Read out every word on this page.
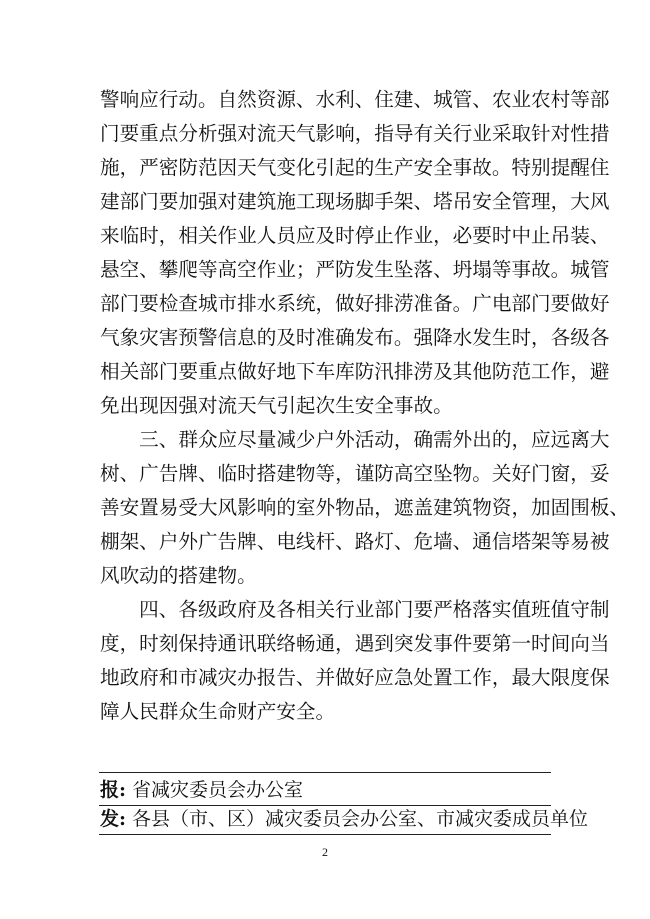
警响应行动。自然资源、水利、住建、城管、农业农村等部
门要重点分析强对流天气影响，指导有关行业采取针对性措
施，严密防范因天气变化引起的生产安全事故。特别提醒住
建部门要加强对建筑施工现场脚手架、塔吊安全管理，大风
来临时，相关作业人员应及时停止作业，必要时中止吊装、
悬空、攀爬等高空作业；严防发生坠落、坍塌等事故。城管
部门要检查城市排水系统，做好排涝准备。广电部门要做好
气象灾害预警信息的及时准确发布。强降水发生时，各级各
相关部门要重点做好地下车库防汛排涝及其他防范工作，避
免出现因强对流天气引起次生安全事故。
　　三、群众应尽量减少户外活动，确需外出的，应远离大
树、广告牌、临时搭建物等，谨防高空坠物。关好门窗，妥
善安置易受大风影响的室外物品，遮盖建筑物资，加固围板、
棚架、户外广告牌、电线杆、路灯、危墙、通信塔架等易被
风吹动的搭建物。
　　四、各级政府及各相关行业部门要严格落实值班值守制
度，时刻保持通讯联络畅通，遇到突发事件要第一时间向当
地政府和市减灾办报告、并做好应急处置工作，最大限度保
障人民群众生命财产安全。
报: 省减灾委员会办公室
发: 各县（市、区）减灾委员会办公室、市减灾委成员单位
2
